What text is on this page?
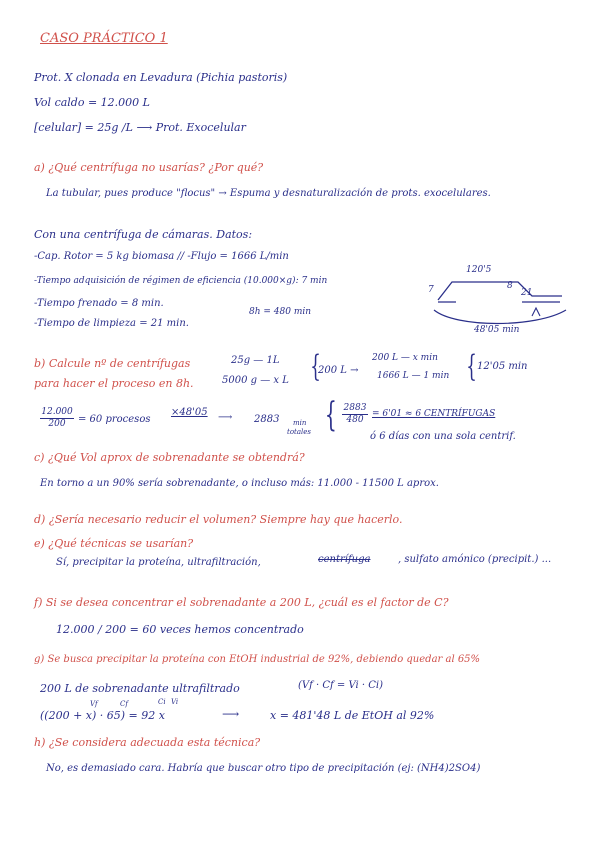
CASO PRÁCTICO 1
Prot. X clonada en Levadura (Pichia pastoris)
Vol caldo = 12.000 L
[celular] = 25g /L ⟶ Prot. Exocelular
a) ¿Qué centrífuga no usarías? ¿Por qué?
La tubular, pues produce "flocus" → Espuma y desnaturalización de prots. exocelulares.
Con una centrífuga de cámaras. Datos:
-Cap. Rotor = 5 kg biomasa // -Flujo = 1666 L/min
-Tiempo adquisición de régimen de eficiencia (10.000×g): 7 min
-Tiempo frenado = 8 min.
-Tiempo de limpieza = 21 min.
8h = 480 min
120'5
7	8
21
48'05 min
b) Calcule nº de centrífugas
para hacer el proceso en 8h.
25g — 1L
5000 g — x L {
200 L →
200 L — x min
1666 L — 1 min { 12'05 min
$\frac{12.000}{200} = 60$ procesos
×48'05 ⟶ 2883 min
totales { $\frac{2883}{480} = 6'01 \approx 6$ CENTRÍFUGAS
ó 6 días con una sola centrif.
c) ¿Qué Vol aprox de sobrenadante se obtendrá?
En torno a un 90% sería sobrenadante, o incluso más: 11.000 - 11500 L aprox.
d) ¿Sería necesario reducir el volumen? Siempre hay que hacerlo.
e) ¿Qué técnicas se usarían?
Sí, precipitar la proteína, ultrafiltración,	centrífuga	, sulfato amónico (precipit.) ...
f) Si se desea concentrar el sobrenadante a 200 L, ¿cuál es el factor de C?
12.000 / 200 = 60 veces hemos concentrado
g) Se busca precipitar la proteína con EtOH industrial de 92%, debiendo quedar al 65%
200 L de sobrenadante ultrafiltrado	(Vf · Cf = Vi · Ci)
Vf	Cf	Ci Vi
((200 + x) · 65) = 92 x	⟶	x = 481'48 L de EtOH al 92%
h) ¿Se considera adecuada esta técnica?
No, es demasiado cara. Habría que buscar otro tipo de precipitación (ej: (NH4)2SO4)
